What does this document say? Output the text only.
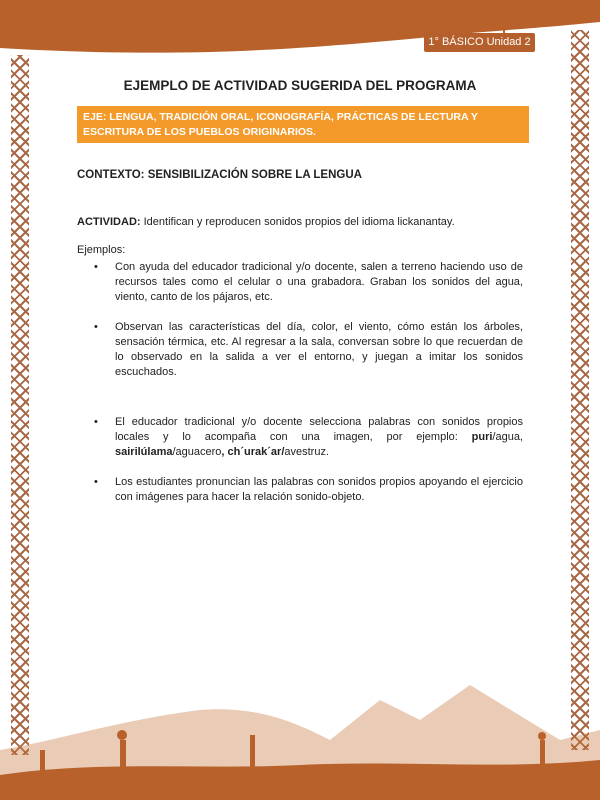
1° BÁSICO Unidad 2
EJEMPLO DE ACTIVIDAD SUGERIDA DEL PROGRAMA
EJE: LENGUA, TRADICIÓN ORAL, ICONOGRAFÍA, PRÁCTICAS DE LECTURA Y ESCRITURA DE LOS PUEBLOS ORIGINARIOS.
CONTEXTO: SENSIBILIZACIÓN SOBRE LA LENGUA
ACTIVIDAD: Identifican y reproducen sonidos propios del idioma lickanantay.
Ejemplos:
• Con ayuda del educador tradicional y/o docente, salen a terreno haciendo uso de recursos tales como el celular o una grabadora. Graban los sonidos del agua, viento, canto de los pájaros, etc.
• Observan las características del día, color, el viento, cómo están los árboles, sensación térmica, etc. Al regresar a la sala, conversan sobre lo que recuerdan de lo observado en la salida a ver el entorno, y juegan a imitar los sonidos escuchados.
• El educador tradicional y/o docente selecciona palabras con sonidos propios locales y lo acompaña con una imagen, por ejemplo: puri/agua, sairilúlama/aguacero, ch´urak´ar/avestruz.
• Los estudiantes pronuncian las palabras con sonidos propios apoyando el ejercicio con imágenes para hacer la relación sonido-objeto.
